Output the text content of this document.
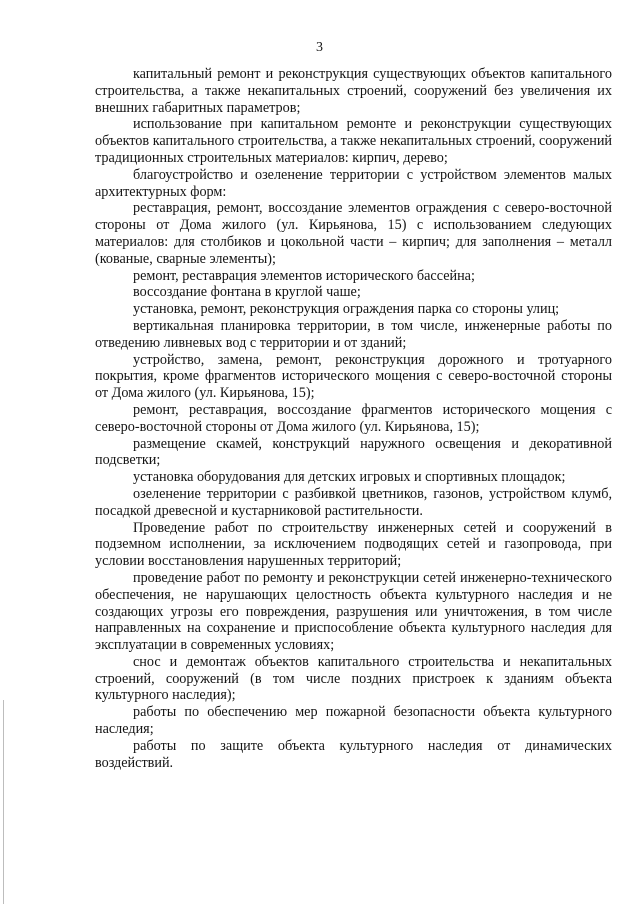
3

капитальный ремонт и реконструкция существующих объектов капитального строительства, а также некапитальных строений, сооружений без увеличения их внешних габаритных параметров;

использование при капитальном ремонте и реконструкции существующих объектов капитального строительства, а также некапитальных строений, сооружений традиционных строительных материалов: кирпич, дерево;

благоустройство и озеленение территории с устройством элементов малых архитектурных форм:

реставрация, ремонт, воссоздание элементов ограждения с северо-восточной стороны от Дома жилого (ул. Кирьянова, 15) с использованием следующих материалов: для столбиков и цокольной части – кирпич; для заполнения – металл (кованые, сварные элементы);

ремонт, реставрация элементов исторического бассейна;

воссоздание фонтана в круглой чаше;

установка, ремонт, реконструкция ограждения парка со стороны улиц;

вертикальная планировка территории, в том числе, инженерные работы по отведению ливневых вод с территории и от зданий;

устройство, замена, ремонт, реконструкция дорожного и тротуарного покрытия, кроме фрагментов исторического мощения с северо-восточной стороны от Дома жилого (ул. Кирьянова, 15);

ремонт, реставрация, воссоздание фрагментов исторического мощения с северо-восточной стороны от Дома жилого (ул. Кирьянова, 15);

размещение скамей, конструкций наружного освещения и декоративной подсветки;

установка оборудования для детских игровых и спортивных площадок;

озеленение территории с разбивкой цветников, газонов, устройством клумб, посадкой древесной и кустарниковой растительности.

Проведение работ по строительству инженерных сетей и сооружений в подземном исполнении, за исключением подводящих сетей и газопровода, при условии восстановления нарушенных территорий;

проведение работ по ремонту и реконструкции сетей инженерно-технического обеспечения, не нарушающих целостность объекта культурного наследия и не создающих угрозы его повреждения, разрушения или уничтожения, в том числе направленных на сохранение и приспособление объекта культурного наследия для эксплуатации в современных условиях;

снос и демонтаж объектов капитального строительства и некапитальных строений, сооружений (в том числе поздних пристроек к зданиям объекта культурного наследия);

работы по обеспечению мер пожарной безопасности объекта культурного наследия;

работы по защите объекта культурного наследия от динамических воздействий.
